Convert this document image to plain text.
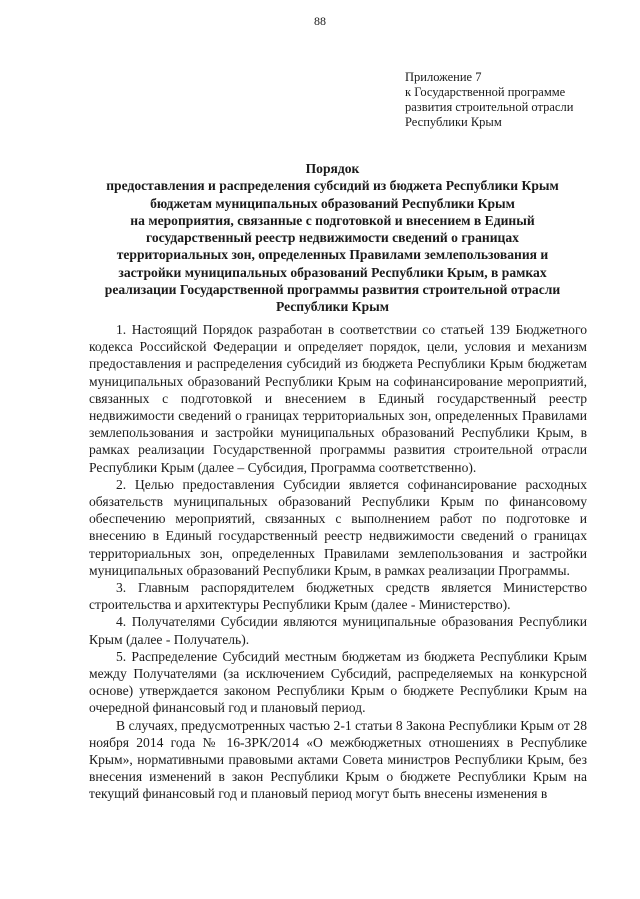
88
Приложение 7
к Государственной программе
развития строительной отрасли
Республики Крым
Порядок
предоставления и распределения субсидий из бюджета Республики Крым
бюджетам муниципальных образований Республики Крым
на мероприятия, связанные с подготовкой и внесением в Единый
государственный реестр недвижимости сведений о границах
территориальных зон, определенных Правилами землепользования и
застройки муниципальных образований Республики Крым, в рамках
реализации Государственной программы развития строительной отрасли
Республики Крым

1. Настоящий Порядок разработан в соответствии со статьей 139 Бюджетного кодекса Российской Федерации и определяет порядок, цели, условия и механизм предоставления и распределения субсидий из бюджета Республики Крым бюджетам муниципальных образований Республики Крым на софинансирование мероприятий, связанных с подготовкой и внесением в Единый государственный реестр недвижимости сведений о границах территориальных зон, определенных Правилами землепользования и застройки муниципальных образований Республики Крым, в рамках реализации Государственной программы развития строительной отрасли Республики Крым (далее – Субсидия, Программа соответственно).

2. Целью предоставления Субсидии является софинансирование расходных обязательств муниципальных образований Республики Крым по финансовому обеспечению мероприятий, связанных с выполнением работ по подготовке и внесению в Единый государственный реестр недвижимости сведений о границах территориальных зон, определенных Правилами землепользования и застройки муниципальных образований Республики Крым, в рамках реализации Программы.

3. Главным распорядителем бюджетных средств является Министерство строительства и архитектуры Республики Крым (далее - Министерство).

4. Получателями Субсидии являются муниципальные образования Республики Крым (далее - Получатель).

5. Распределение Субсидий местным бюджетам из бюджета Республики Крым между Получателями (за исключением Субсидий, распределяемых на конкурсной основе) утверждается законом Республики Крым о бюджете Республики Крым на очередной финансовый год и плановый период.

В случаях, предусмотренных частью 2-1 статьи 8 Закона Республики Крым от 28 ноября 2014 года № 16-ЗРК/2014 «О межбюджетных отношениях в Республике Крым», нормативными правовыми актами Совета министров Республики Крым, без внесения изменений в закон Республики Крым о бюджете Республики Крым на текущий финансовый год и плановый период могут быть внесены изменения в
